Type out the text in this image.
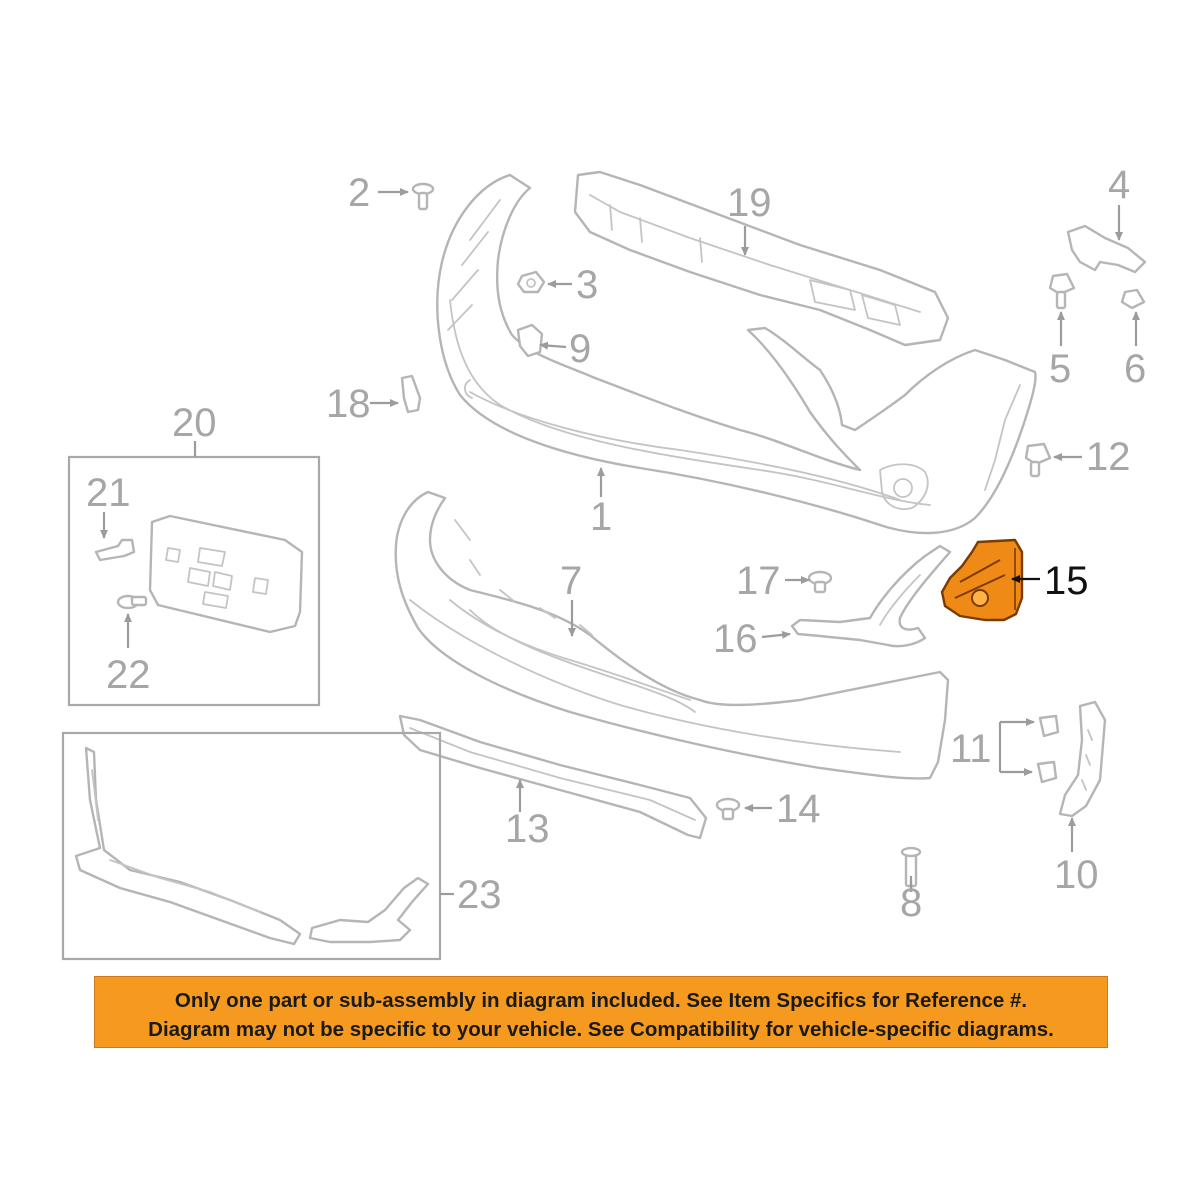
2
3
9
18
19	4
5 6
12
1
7	17
16
15
14
13
8
11
10
20
21
22
23
Only one part or sub-assembly in diagram included. See Item Specifics for Reference #.
Diagram may not be specific to your vehicle. See Compatibility for vehicle-specific diagrams.
